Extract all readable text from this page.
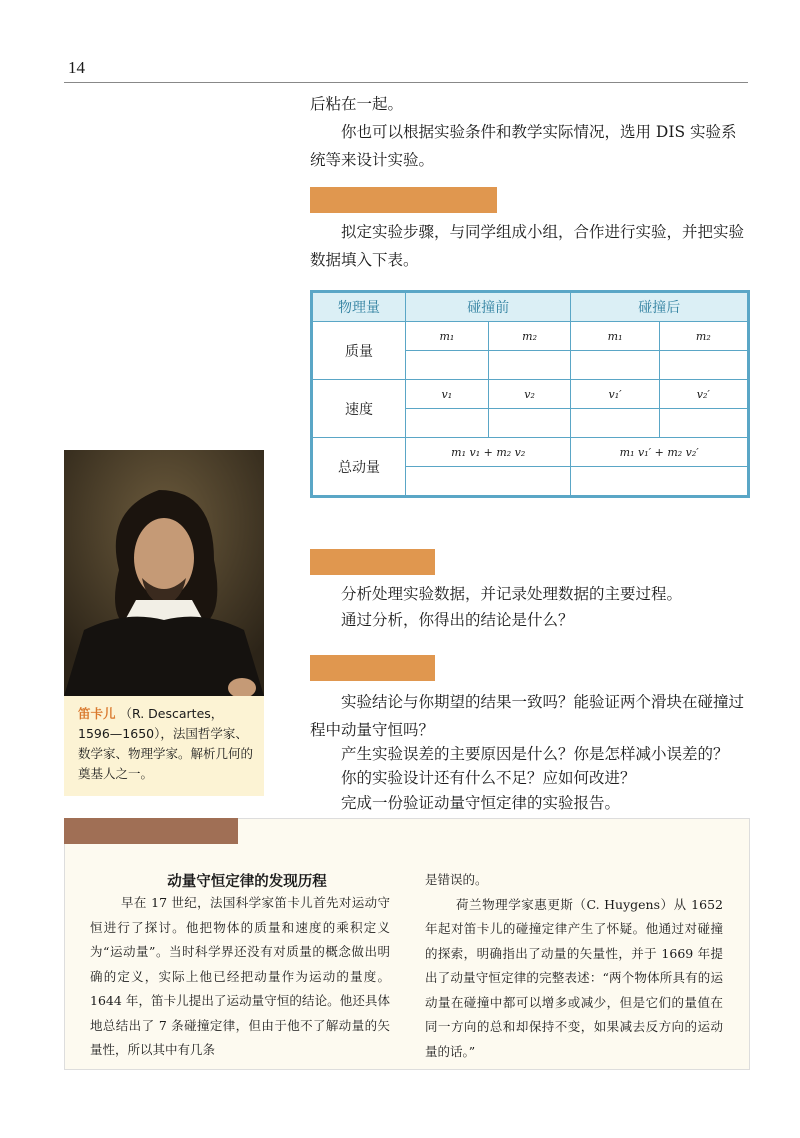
14
后粘在一起。
你也可以根据实验条件和教学实际情况，选用 DIS 实验系统等来设计实验。
拟定实验步骤，与同学组成小组，合作进行实验，并把实验数据填入下表。
物理量	碰撞前		碰撞后	
质量	m₁	m₂	m₁	m₂

速度	v₁	v₂	v₁′	v₂′

总动量	m₁ v₁ + m₂ v₂		m₁ v₁′ + m₂ v₂′	

笛卡儿 （R. Descartes，1596—1650），法国哲学家、数学家、物理学家。解析几何的奠基人之一。
分析处理实验数据，并记录处理数据的主要过程。
通过分析，你得出的结论是什么？
实验结论与你期望的结果一致吗？能验证两个滑块在碰撞过程中动量守恒吗？
产生实验误差的主要原因是什么？你是怎样减小误差的？
你的实验设计还有什么不足？应如何改进？
完成一份验证动量守恒定律的实验报告。
动量守恒定律的发现历程
早在 17 世纪，法国科学家笛卡儿首先对运动守恒进行了探讨。他把物体的质量和速度的乘积定义为“运动量”。当时科学界还没有对质量的概念做出明确的定义，实际上他已经把动量作为运动的量度。1644 年，笛卡儿提出了运动量守恒的结论。他还具体地总结出了 7 条碰撞定律，但由于他不了解动量的矢量性，所以其中有几条
是错误的。
荷兰物理学家惠更斯（C. Huygens）从 1652 年起对笛卡儿的碰撞定律产生了怀疑。他通过对碰撞的探索，明确指出了动量的矢量性，并于 1669 年提出了动量守恒定律的完整表述：“两个物体所具有的运动量在碰撞中都可以增多或减少，但是它们的量值在同一方向的总和却保持不变，如果减去反方向的运动量的话。”
